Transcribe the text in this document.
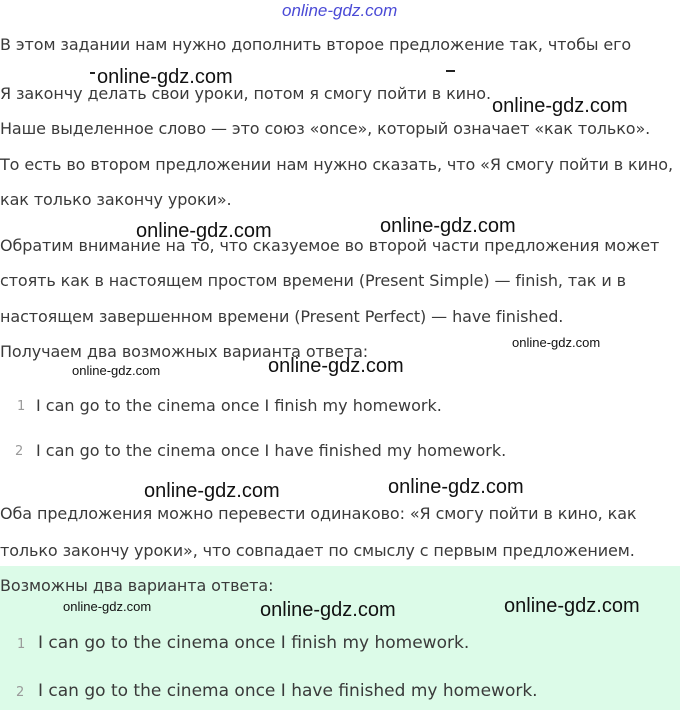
online-gdz.com
В этом задании нам нужно дополнить второе предложение так, чтобы его
Я закончу делать свои уроки, потом я смогу пойти в кино.
Наше выделенное слово — это союз «once», который означает «как только».
То есть во втором предложении нам нужно сказать, что «Я смогу пойти в кино,
как только закончу уроки».
Обратим внимание на то, что сказуемое во второй части предложения может
стоять как в настоящем простом времени (Present Simple) — finish, так и в
настоящем завершенном времени (Present Perfect) — have finished.
Получаем два возможных варианта ответа:
1 I can go to the cinema once I finish my homework.
2 I can go to the cinema once I have finished my homework.
Оба предложения можно перевести одинаково: «Я смогу пойти в кино, как
только закончу уроки», что совпадает по смыслу с первым предложением.
Возможны два варианта ответа:
1 I can go to the cinema once I finish my homework.
2 I can go to the cinema once I have finished my homework.
online-gdz.com
online-gdz.com
online-gdz.com	online-gdz.com
online-gdz.com
online-gdz.com	online-gdz.com
online-gdz.com	online-gdz.com
online-gdz.com	online-gdz.com	online-gdz.com
